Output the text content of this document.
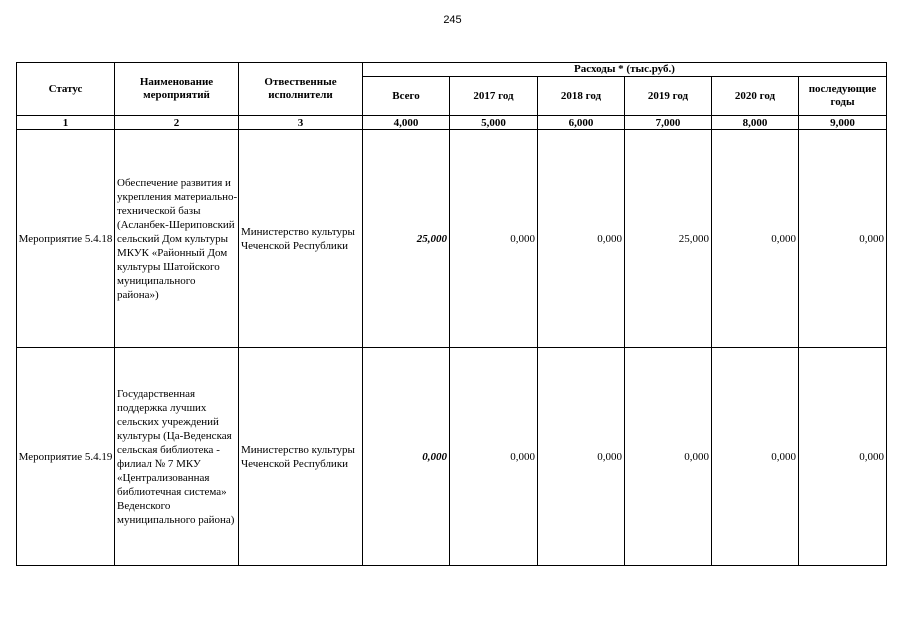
245
Статус	Наименование мероприятий	Отвественные исполнители	Расходы * (тыс.руб.)					
			Всего	2017 год	2018 год	2019 год	2020 год	последующие годы

1	2	3	4,000	5,000	6,000	7,000	8,000	9,000
Мероприятие 5.4.18	Обеспечение развития и укрепления материально-технической базы (Асланбек-Шериповский сельский Дом культуры МКУК «Районный Дом культуры Шатойского муниципального района»)	Министерство культуры Чеченской Республики	25,000	0,000	0,000	25,000	0,000	0,000
Мероприятие 5.4.19	Государственная поддержка лучших сельских учреждений культуры (Ца-Веденская сельская библиотека - филиал № 7 МКУ «Централизованная библиотечная система» Веденского муниципального района)	Министерство культуры Чеченской Республики	0,000	0,000	0,000	0,000	0,000	0,000
